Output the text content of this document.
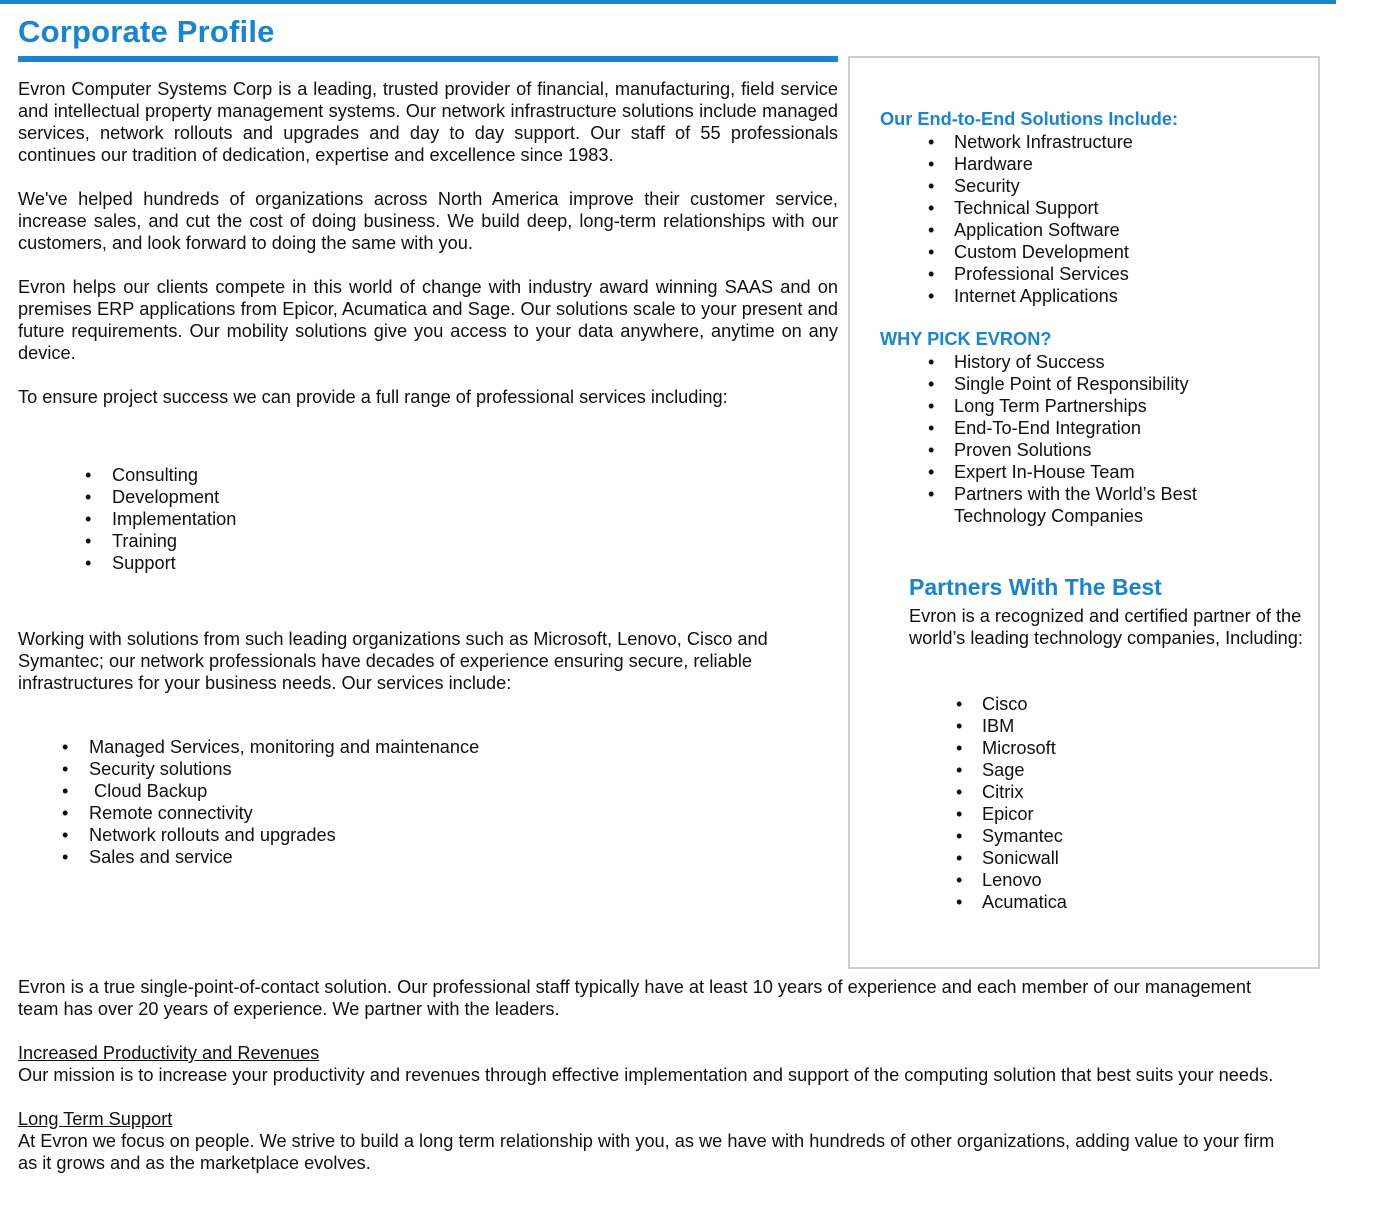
Corporate Profile

Evron Computer Systems Corp is a leading, trusted provider of financial, manufacturing, field service and intellectual property management systems. Our network infrastructure solutions include managed services, network rollouts and upgrades and day to day support. Our staff of 55 professionals continues our tradition of dedication, expertise and excellence since 1983.

We've helped hundreds of organizations across North America improve their customer service, increase sales, and cut the cost of doing business. We build deep, long-term relationships with our customers, and look forward to doing the same with you.

Evron helps our clients compete in this world of change with industry award winning SAAS and on premises ERP applications from Epicor, Acumatica and Sage. Our solutions scale to your present and future requirements. Our mobility solutions give you access to your data anywhere, anytime on any device.

To ensure project success we can provide a full range of professional services including:

• Consulting
• Development
• Implementation
• Training
• Support

Working with solutions from such leading organizations such as Microsoft, Lenovo, Cisco and Symantec; our network professionals have decades of experience ensuring secure, reliable infrastructures for your business needs. Our services include:

• Managed Services, monitoring and maintenance
• Security solutions
•  Cloud Backup
• Remote connectivity
• Network rollouts and upgrades
• Sales and service
Our End-to-End Solutions Include:
• Network Infrastructure
• Hardware
• Security
• Technical Support
• Application Software
• Custom Development
• Professional Services
• Internet Applications
WHY PICK EVRON?
• History of Success
• Single Point of Responsibility
• Long Term Partnerships
• End-To-End Integration
• Proven Solutions
• Expert In-House Team
• Partners with the World’s Best Technology Companies
Partners With The Best

Evron is a recognized and certified partner of the world’s leading technology companies, Including:

• Cisco
• IBM
• Microsoft
• Sage
• Citrix
• Epicor
• Symantec
• Sonicwall
• Lenovo
• Acumatica

Evron is a true single-point-of-contact solution. Our professional staff typically have at least 10 years of experience and each member of our management team has over 20 years of experience. We partner with the leaders.

Increased Productivity and Revenues

Our mission is to increase your productivity and revenues through effective implementation and support of the computing solution that best suits your needs.

Long Term Support

At Evron we focus on people. We strive to build a long term relationship with you, as we have with hundreds of other organizations, adding value to your firm as it grows and as the marketplace evolves.
